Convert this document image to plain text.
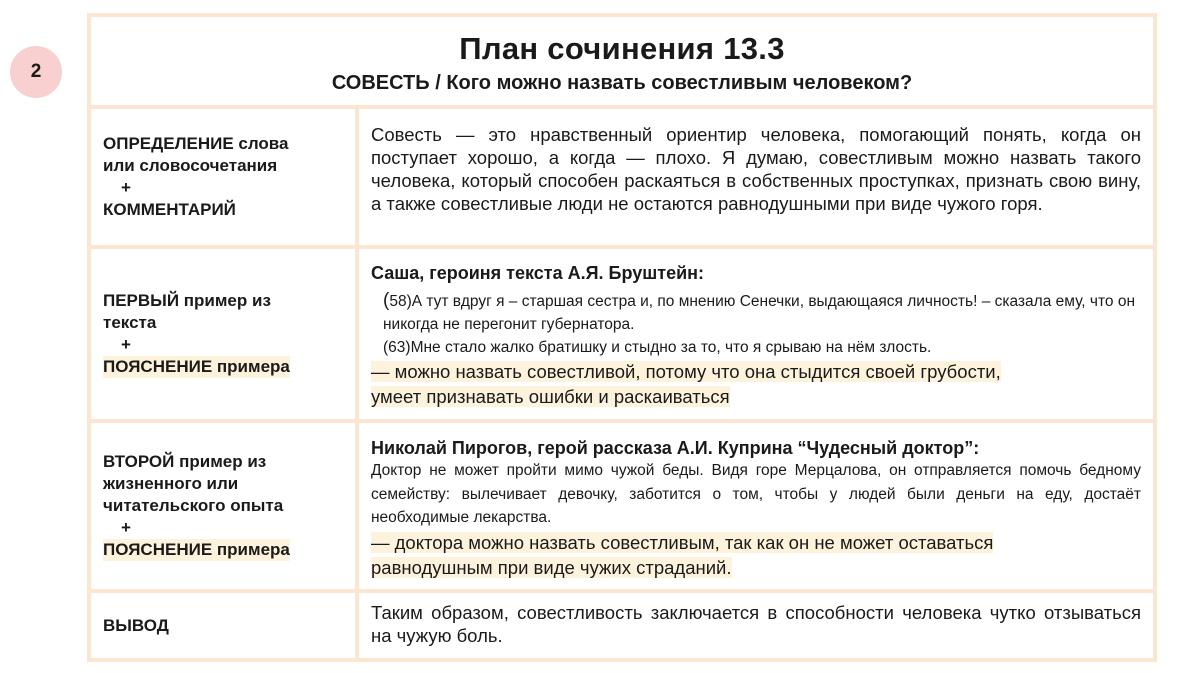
2
План сочинения 13.3
СОВЕСТЬ / Кого можно назвать совестливым человеком?
ОПРЕДЕЛЕНИЕ слова
или словосочетания
+
КОММЕНТАРИЙ
Совесть — это нравственный ориентир человека, помогающий понять, когда он поступает хорошо, а когда — плохо. Я думаю, совестливым можно назвать такого человека, который способен раскаяться в собственных проступках, признать свою вину, а также совестливые люди не остаются равнодушными при виде чужого горя.
ПЕРВЫЙ пример из
текста
+
ПОЯСНЕНИЕ примера
Саша, героиня текста А.Я. Бруштейн:
(58)А тут вдруг я – старшая сестра и, по мнению Сенечки, выдающаяся личность! – сказала ему, что он никогда не перегонит губернатора.
(63)Мне стало жалко братишку и стыдно за то, что я срываю на нём злость.
— можно назвать совестливой, потому что она стыдится своей грубости,
умеет признавать ошибки и раскаиваться
ВТОРОЙ пример из
жизненного или
читательского опыта
+
ПОЯСНЕНИЕ примера
Николай Пирогов, герой рассказа А.И. Куприна “Чудесный доктор”:
Доктор не может пройти мимо чужой беды. Видя горе Мерцалова, он отправляется помочь бедному семейству: вылечивает девочку, заботится о том, чтобы у людей были деньги на еду, достаёт необходимые лекарства.
— доктора можно назвать совестливым, так как он не может оставаться
равнодушным при виде чужих страданий.
ВЫВОД
Таким образом, совестливость заключается в способности человека чутко отзываться на чужую боль.
